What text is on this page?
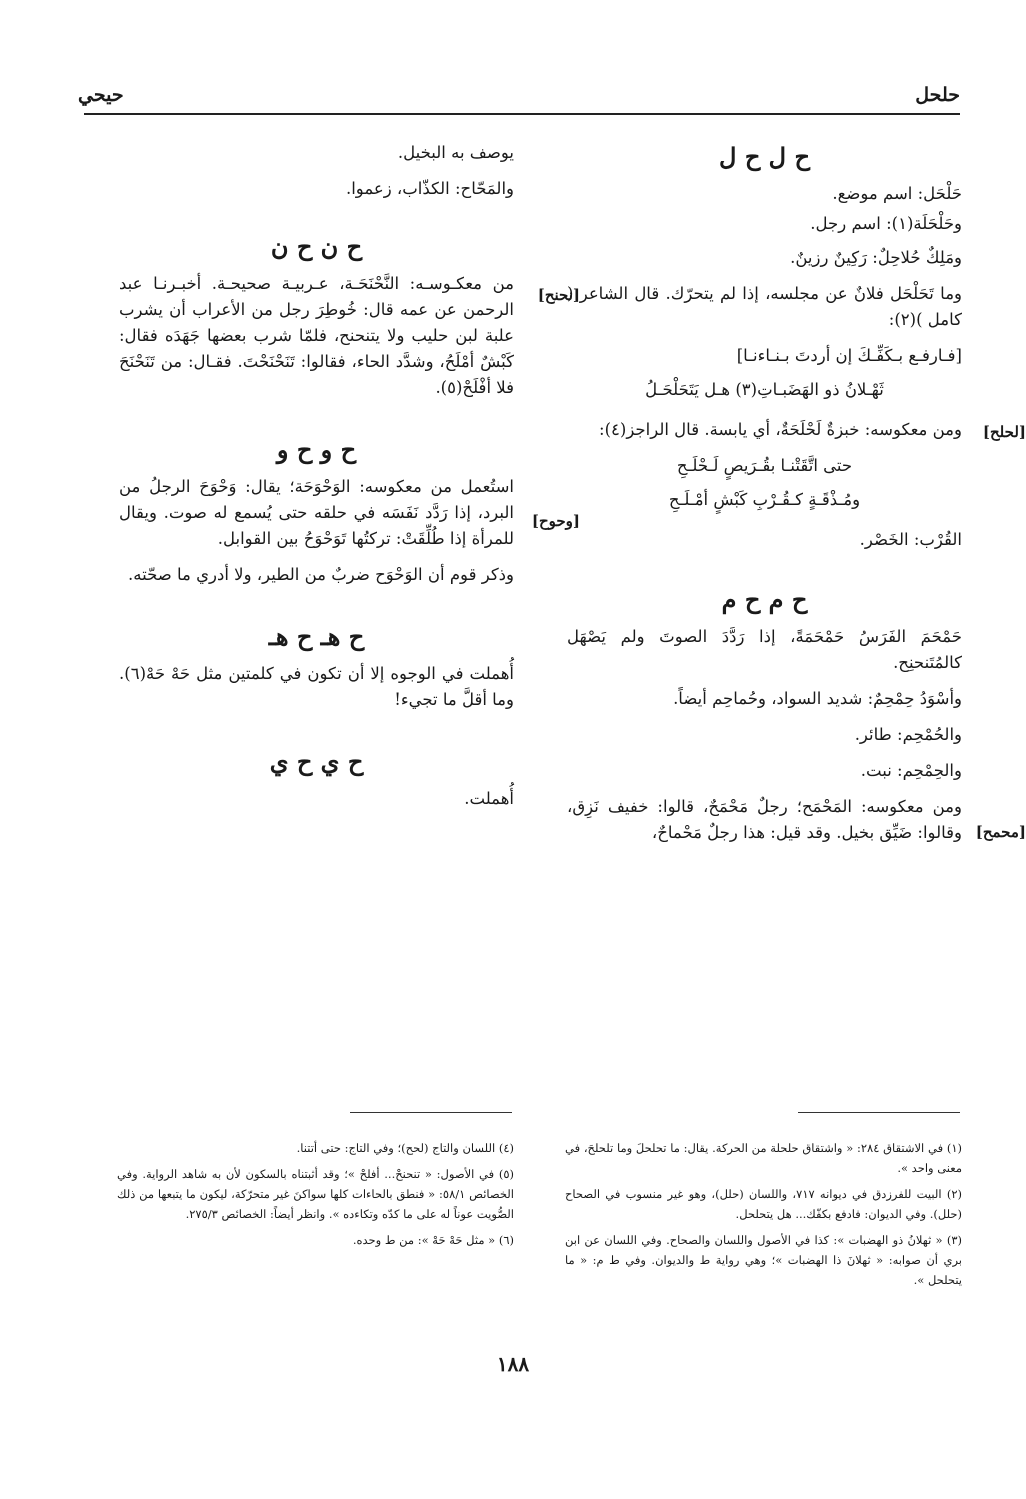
حلحل
حيحي
ح ل ح ل

حَلْحَل: اسم موضع.

وحَلْحَلَة(١): اسم رجل.

ومَلِكٌ حُلاحِلٌ: رَكِينٌ رزينٌ.

وما تَحَلْحَل فلانٌ عن مجلسه، إذا لم يتحرّك. قال الشاعر ( كامل )(٢):

[فـارفـع بـكَفِّـكَ إن أردتَ بـنـاءنـا]
ثَهْـلانُ ذو الهَضَبـاتِ(٣) هـل يَتَحَلْحَـلُ

ومن معكوسه: خبزةٌ لَحْلَحَةٌ، أي يابسة. قال الراجز(٤):

حتى اتَّقَتْنـا بقُـرَيصٍ لَـحْلَـحِ
ومُـذْقَـةٍ كـقُـرْبِ كَبْشٍ أمْـلَـحِ

القُرْب: الخَصْر.

ح م ح م

حَمْحَمَ الفَرَسُ حَمْحَمَةً، إذا رَدَّدَ الصوتَ ولم يَصْهَل كالمُتَنحنِح.

وأسْوَدُ حِمْحِمٌ: شديد السواد، وحُماحِم أيضاً.

والحُمْحِم: طائر.

والحِمْحِم: نبت.

ومن معكوسه: المَحْمَح؛ رجلٌ مَحْمَحٌ، قالوا: خفيف نَزِق، وقالوا: ضَيِّق بخيل. وقد قيل: هذا رجلٌ مَحْماحٌ،

[لحلح]
[محمح]

يوصف به البخيل.

والمَحّاح: الكذّاب، زعموا.

ح ن ح ن

من معكـوسـه: النَّحْنَحَـة، عـربيـة صحيحـة. أخبـرنـا عبد الرحمن عن عمه قال: خُوطِرَ رجل من الأعراب أن يشرب علبة لبن حليب ولا يتنحنح، فلمّا شرب بعضها جَهَدَه فقال: كَبْشٌ أمْلَحُ، وشدَّد الحاء، فقالوا: تَنَحْنَحْتَ. فقـال: من تَنَحْنَحَ فلا أفْلَحْ(٥).

ح و ح و

استُعمل من معكوسه: الوَحْوَحَة؛ يقال: وَحْوَحَ الرجلُ من البرد، إذا رَدَّد نَفَسَه في حلقه حتى يُسمع له صوت. ويقال للمرأة إذا طُلِّقَتْ: تركتُها تَوَحْوَحُ بين القوابل.

وذكر قوم أن الوَحْوَح ضربٌ من الطير، ولا أدري ما صحّته.

ح هـ ح هـ

أُهملت في الوجوه إلا أن تكون في كلمتين مثل حَهْ حَهْ(٦). وما أقلَّ ما تجيء!

ح ي ح ي

أُهملت.

[نحنح]
[وحوح]
(١) في الاشتقاق ٢٨٤: « واشتقاق حلحلة من الحركة. يقال: ما تحلحلَ وما تلحلحَ، في معنى واحد ».
(٢) البيت للفرزدق في ديوانه ٧١٧، واللسان (حلل)، وهو غير منسوب في الصحاح (حلل). وفي الديوان: فادفع بكفّك... هل يتحلحل.
(٣) « ثهلانُ ذو الهضبات »: كذا في الأصول واللسان والصحاح. وفي اللسان عن ابن بري أن صوابه: « ثهلانَ ذا الهضبات »؛ وهي رواية ط والديوان. وفي ط م: « ما يتحلحل ».
(٤) اللسان والتاج (لحح)؛ وفي التاج: حتى أتتنا.
(٥) في الأصول: « تنحنحْ... أفلحْ »؛ وقد أثبتناه بالسكون لأن به شاهد الرواية. وفي الخصائص ٥٨/١: « فنطق بالحاءات كلها سواكنَ غير متحرّكة، ليكون ما يتبعها من ذلك الصُّويت عوناً له على ما كدّه وتكاءده ». وانظر أيضاً: الخصائص ٢٧٥/٣.
(٦) « مثل حَهْ حَهْ »: من ط وحده.
١٨٨
